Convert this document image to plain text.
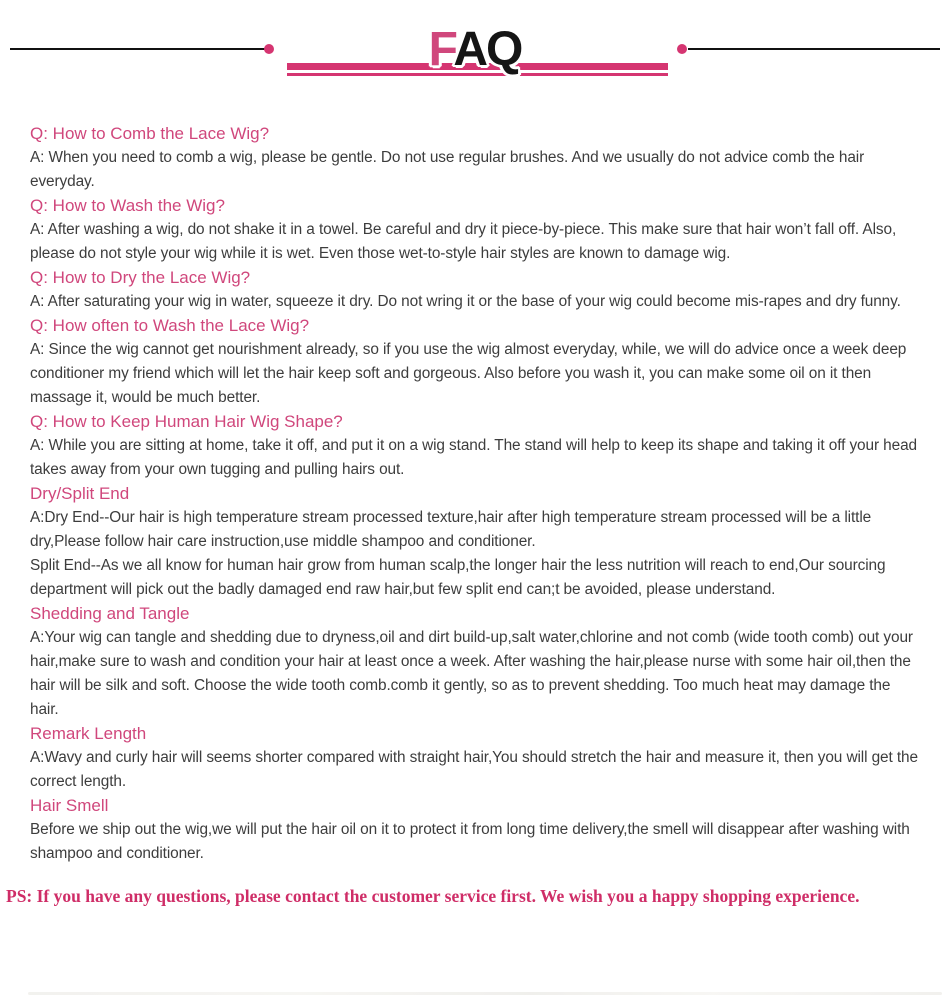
FAQ
Q: How to Comb the Lace Wig?
A: When you need to comb a wig, please be gentle. Do not use regular brushes. And we usually do not advice comb the hair everyday.
Q: How to Wash the Wig?
A: After washing a wig, do not shake it in a towel. Be careful and dry it piece-by-piece. This make sure that hair won’t fall off. Also, please do not style your wig while it is wet. Even those wet-to-style hair styles are known to damage wig.
Q: How to Dry the Lace Wig?
A: After saturating your wig in water, squeeze it dry. Do not wring it or the base of your wig could become mis-rapes and dry funny.
Q: How often to Wash the Lace Wig?
A: Since the wig cannot get nourishment already, so if you use the wig almost everyday, while, we will do advice once a week deep conditioner my friend which will let the hair keep soft and gorgeous. Also before you wash it, you can make some oil on it then massage it, would be much better.
Q: How to Keep Human Hair Wig Shape?
A: While you are sitting at home, take it off, and put it on a wig stand. The stand will help to keep its shape and taking it off your head takes away from your own tugging and pulling hairs out.
Dry/Split End
A:Dry End--Our hair is high temperature stream processed texture,hair after high temperature stream processed will be a little dry,Please follow hair care instruction,use middle shampoo and conditioner.
Split End--As we all know for human hair grow from human scalp,the longer hair the less nutrition will reach to end,Our sourcing department will pick out the badly damaged end raw hair,but few split end can;t be avoided, please understand.
Shedding and Tangle
A:Your wig can tangle and shedding due to dryness,oil and dirt build-up,salt water,chlorine and not comb (wide tooth comb) out your hair,make sure to wash and condition your hair at least once a week. After washing the hair,please nurse with some hair oil,then the hair will be silk and soft. Choose the wide tooth comb.comb it gently, so as to prevent shedding. Too much heat may damage the hair.
Remark Length
A:Wavy and curly hair will seems shorter compared with straight hair,You should stretch the hair and measure it, then you will get the correct length.
Hair Smell
Before we ship out the wig,we will put the hair oil on it to protect it from long time delivery,the smell will disappear after washing with shampoo and conditioner.
PS: If you have any questions, please contact the customer service first. We wish you a happy shopping experience.
